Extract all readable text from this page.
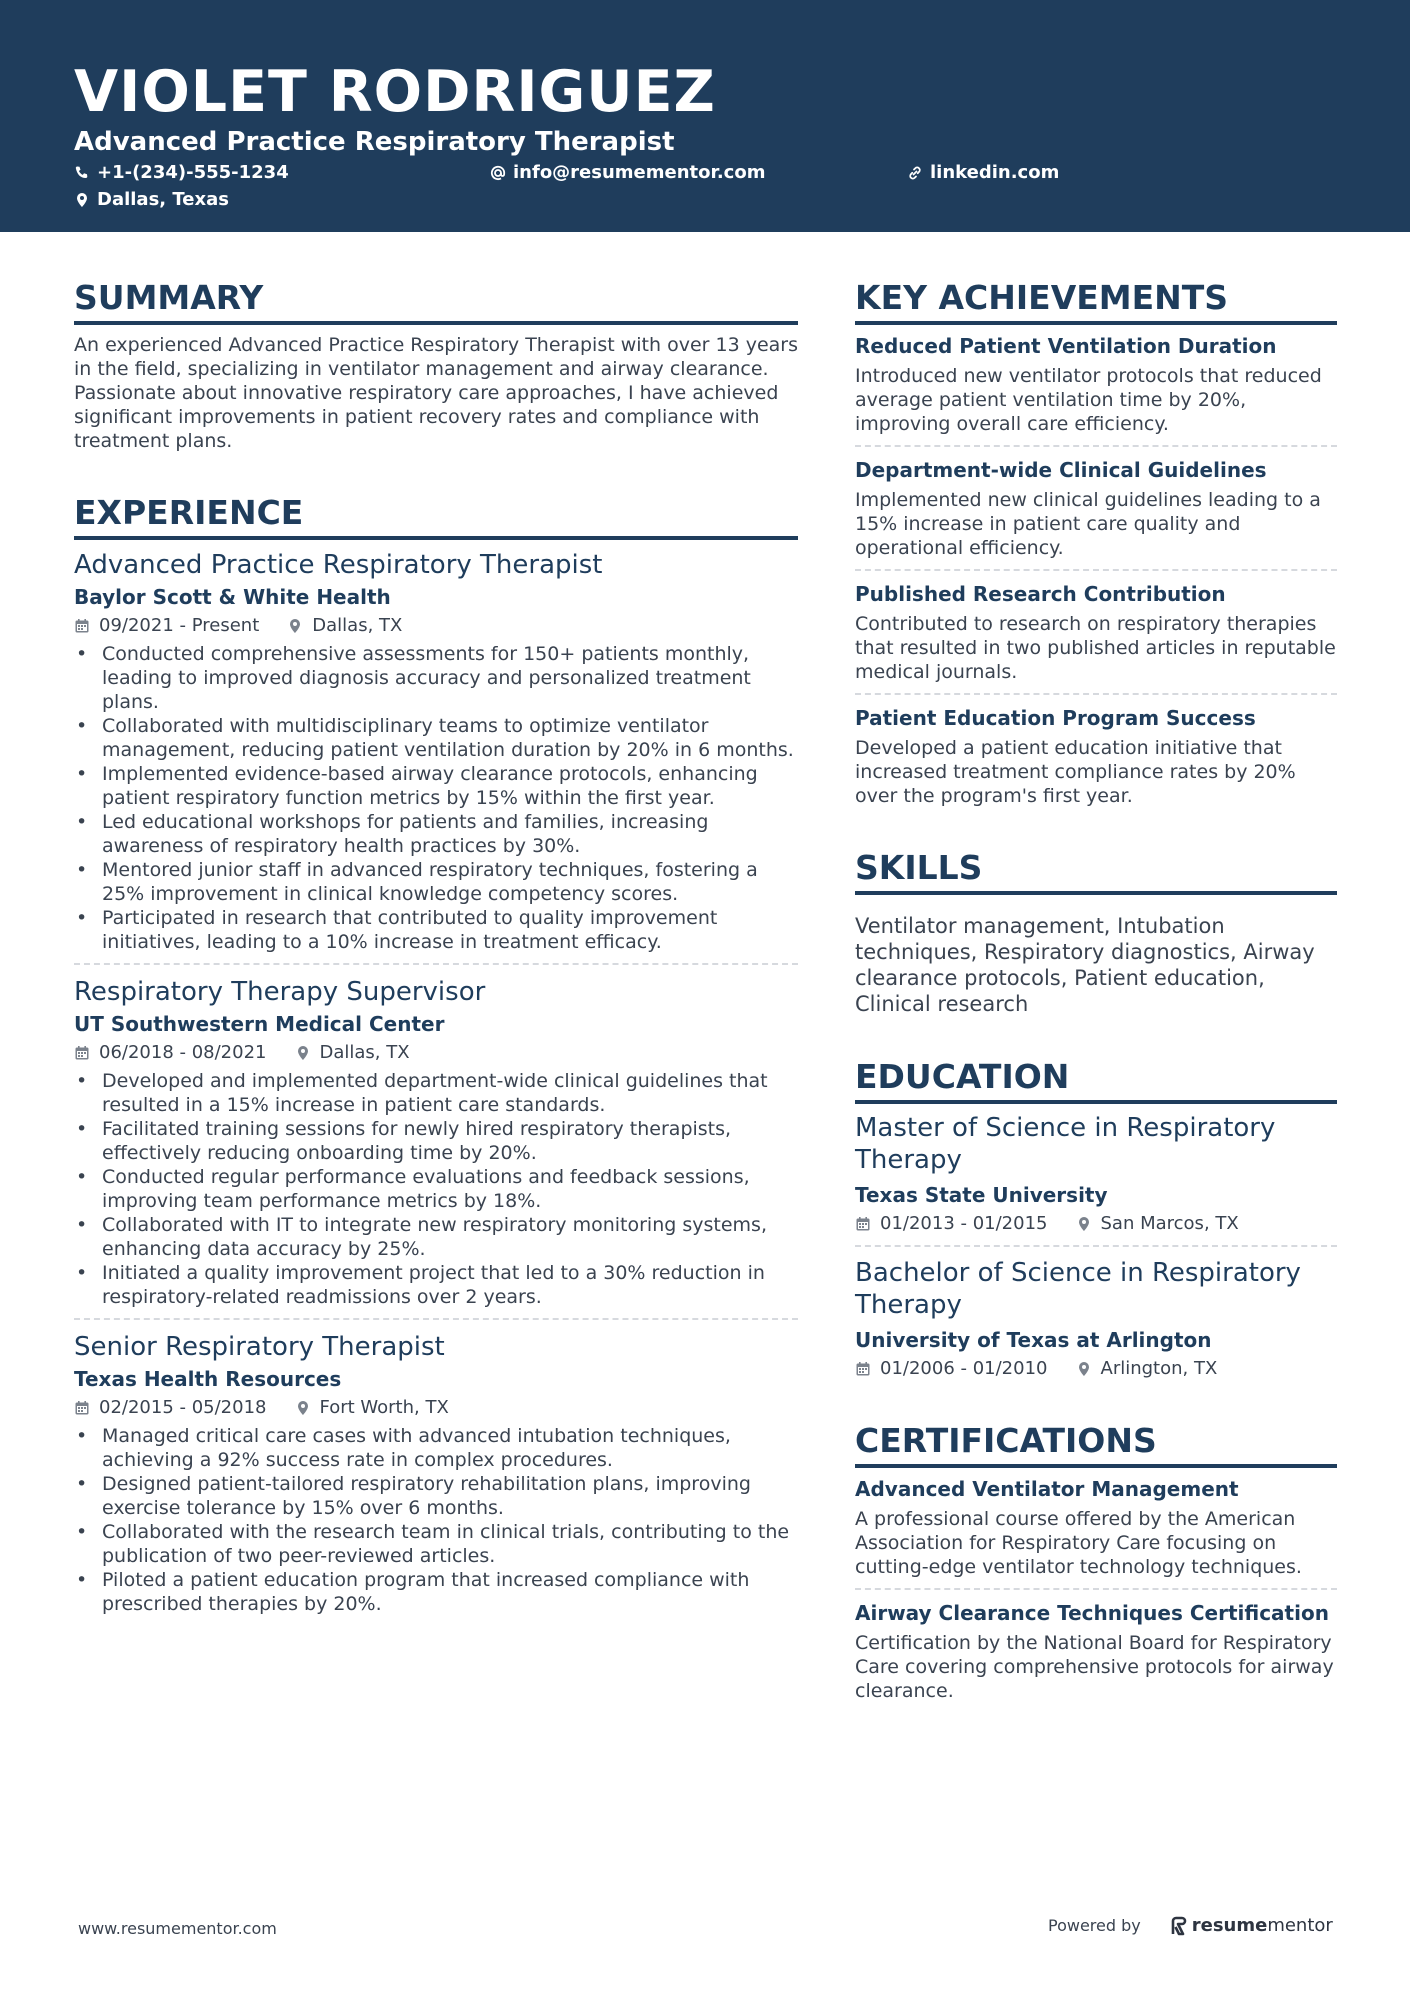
VIOLET RODRIGUEZ
Advanced Practice Respiratory Therapist
+1-(234)-555-1234	info@resumementor.com	linkedin.com
Dallas, Texas
SUMMARY

An experienced Advanced Practice Respiratory Therapist with over 13 years in the field, specializing in ventilator management and airway clearance. Passionate about innovative respiratory care approaches, I have achieved significant improvements in patient recovery rates and compliance with treatment plans.

EXPERIENCE
Advanced Practice Respiratory Therapist
Baylor Scott & White Health
09/2021 - Present	Dallas, TX
• Conducted comprehensive assessments for 150+ patients monthly, leading to improved diagnosis accuracy and personalized treatment plans.
• Collaborated with multidisciplinary teams to optimize ventilator management, reducing patient ventilation duration by 20% in 6 months.
• Implemented evidence-based airway clearance protocols, enhancing patient respiratory function metrics by 15% within the first year.
• Led educational workshops for patients and families, increasing awareness of respiratory health practices by 30%.
• Mentored junior staff in advanced respiratory techniques, fostering a 25% improvement in clinical knowledge competency scores.
• Participated in research that contributed to quality improvement initiatives, leading to a 10% increase in treatment efficacy.
Respiratory Therapy Supervisor
UT Southwestern Medical Center
06/2018 - 08/2021	Dallas, TX
• Developed and implemented department-wide clinical guidelines that resulted in a 15% increase in patient care standards.
• Facilitated training sessions for newly hired respiratory therapists, effectively reducing onboarding time by 20%.
• Conducted regular performance evaluations and feedback sessions, improving team performance metrics by 18%.
• Collaborated with IT to integrate new respiratory monitoring systems, enhancing data accuracy by 25%.
• Initiated a quality improvement project that led to a 30% reduction in respiratory-related readmissions over 2 years.
Senior Respiratory Therapist
Texas Health Resources
02/2015 - 05/2018	Fort Worth, TX
• Managed critical care cases with advanced intubation techniques, achieving a 92% success rate in complex procedures.
• Designed patient-tailored respiratory rehabilitation plans, improving exercise tolerance by 15% over 6 months.
• Collaborated with the research team in clinical trials, contributing to the publication of two peer-reviewed articles.
• Piloted a patient education program that increased compliance with prescribed therapies by 20%.
KEY ACHIEVEMENTS
Reduced Patient Ventilation Duration
Introduced new ventilator protocols that reduced average patient ventilation time by 20%, improving overall care efficiency.
Department-wide Clinical Guidelines
Implemented new clinical guidelines leading to a 15% increase in patient care quality and operational efficiency.
Published Research Contribution
Contributed to research on respiratory therapies that resulted in two published articles in reputable medical journals.
Patient Education Program Success
Developed a patient education initiative that increased treatment compliance rates by 20% over the program's first year.
SKILLS

Ventilator management, Intubation techniques, Respiratory diagnostics, Airway clearance protocols, Patient education, Clinical research

EDUCATION
Master of Science in Respiratory Therapy
Texas State University
01/2013 - 01/2015	San Marcos, TX
Bachelor of Science in Respiratory Therapy
University of Texas at Arlington
01/2006 - 01/2010	Arlington, TX
CERTIFICATIONS
Advanced Ventilator Management
A professional course offered by the American Association for Respiratory Care focusing on cutting-edge ventilator technology techniques.
Airway Clearance Techniques Certification
Certification by the National Board for Respiratory Care covering comprehensive protocols for airway clearance.
www.resumementor.com	Powered by	resume mentor
